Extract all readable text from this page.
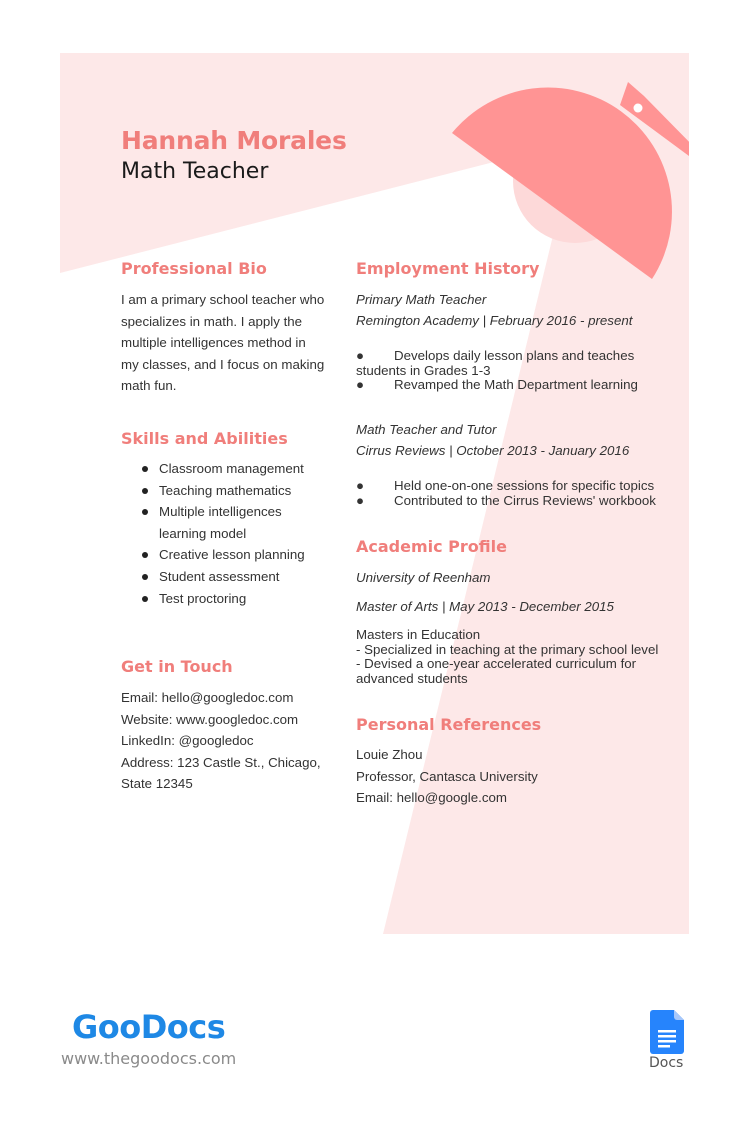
Hannah Morales
Math Teacher
Professional Bio
I am a primary school teacher who
specializes in math. I apply the
multiple intelligences method in
my classes, and I focus on making
math fun.
Skills and Abilities
Classroom management
Teaching mathematics
Multiple intelligences learning model
Creative lesson planning
Student assessment
Test proctoring
Get in Touch
Email: hello@googledoc.com
Website: www.googledoc.com
LinkedIn: @googledoc
Address: 123 Castle St., Chicago,
State 12345
Employment History
Primary Math Teacher
Remington Academy | February 2016 - present

● Develops daily lesson plans and teaches

students in Grades 1-3

● Revamped the Math Department learning

Math Teacher and Tutor
Cirrus Reviews | October 2013 - January 2016

● Held one-on-one sessions for specific topics

● Contributed to the Cirrus Reviews' workbook

Academic Profile
University of Reenham
Master of Arts | May 2013 - December 2015
Masters in Education
- Specialized in teaching at the primary school level
- Devised a one-year accelerated curriculum for
advanced students
Personal References
Louie Zhou
Professor, Cantasca University
Email: hello@google.com
GooDocs
www.thegoodocs.com	Docs
